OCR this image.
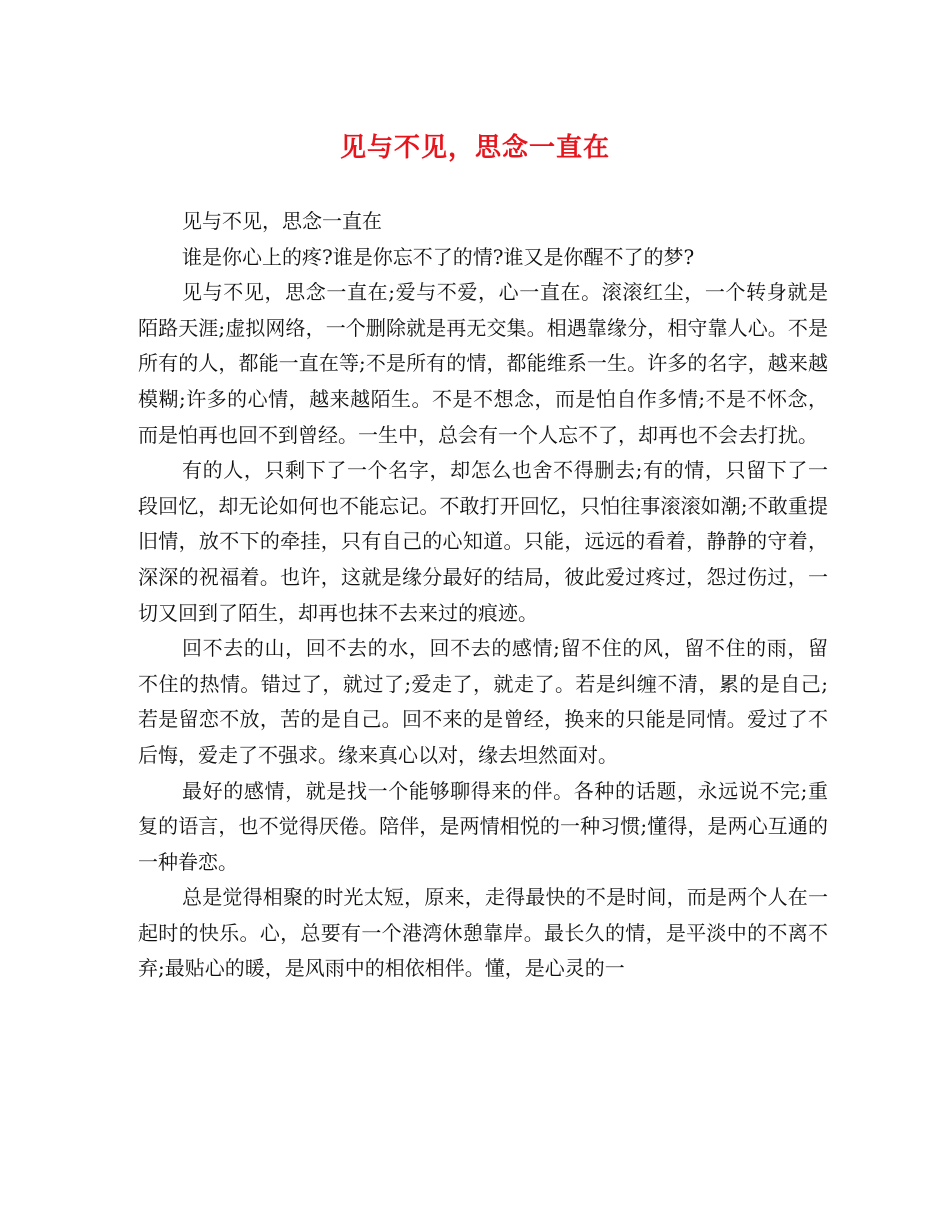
见与不见，思念一直在

见与不见，思念一直在

谁是你心上的疼?谁是你忘不了的情?谁又是你醒不了的梦?

见与不见，思念一直在;爱与不爱，心一直在。滚滚红尘，一个转身就是陌路天涯;虚拟网络，一个删除就是再无交集。相遇靠缘分，相守靠人心。不是所有的人，都能一直在等;不是所有的情，都能维系一生。许多的名字，越来越模糊;许多的心情，越来越陌生。不是不想念，而是怕自作多情;不是不怀念，而是怕再也回不到曾经。一生中，总会有一个人忘不了，却再也不会去打扰。

有的人，只剩下了一个名字，却怎么也舍不得删去;有的情，只留下了一段回忆，却无论如何也不能忘记。不敢打开回忆，只怕往事滚滚如潮;不敢重提旧情，放不下的牵挂，只有自己的心知道。只能，远远的看着，静静的守着，深深的祝福着。也许，这就是缘分最好的结局，彼此爱过疼过，怨过伤过，一切又回到了陌生，却再也抹不去来过的痕迹。

回不去的山，回不去的水，回不去的感情;留不住的风，留不住的雨，留不住的热情。错过了，就过了;爱走了，就走了。若是纠缠不清，累的是自己;若是留恋不放，苦的是自己。回不来的是曾经，换来的只能是同情。爱过了不后悔，爱走了不强求。缘来真心以对，缘去坦然面对。

最好的感情，就是找一个能够聊得来的伴。各种的话题，永远说不完;重复的语言，也不觉得厌倦。陪伴，是两情相悦的一种习惯;懂得，是两心互通的一种眷恋。

总是觉得相聚的时光太短，原来，走得最快的不是时间，而是两个人在一起时的快乐。心，总要有一个港湾休憩靠岸。最长久的情，是平淡中的不离不弃;最贴心的暖，是风雨中的相依相伴。懂，是心灵的一
